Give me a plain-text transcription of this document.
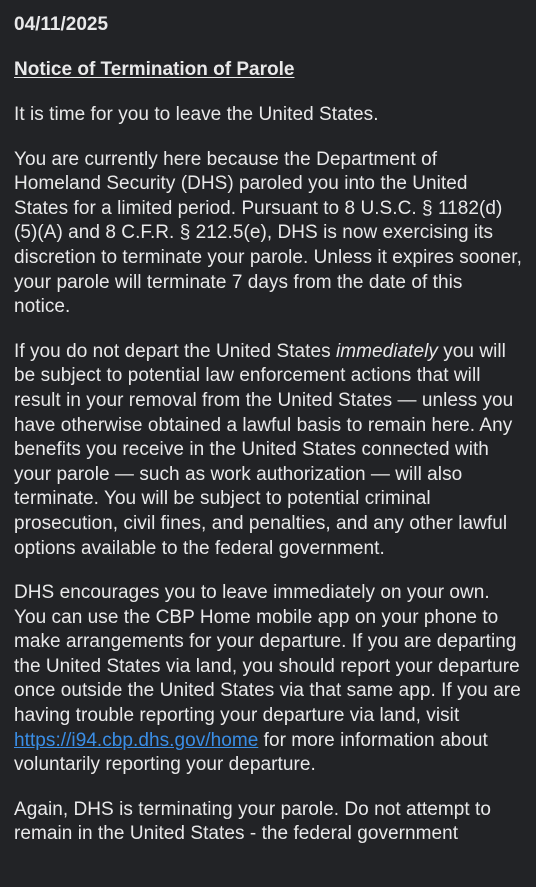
04/11/2025
Notice of Termination of Parole
It is time for you to leave the United States.
You are currently here because the Department of Homeland Security (DHS) paroled you into the United States for a limited period. Pursuant to 8 U.S.C. § 1182(d)(5)(A) and 8 C.F.R. § 212.5(e), DHS is now exercising its discretion to terminate your parole. Unless it expires sooner, your parole will terminate 7 days from the date of this notice.
If you do not depart the United States immediately you will be subject to potential law enforcement actions that will result in your removal from the United States — unless you have otherwise obtained a lawful basis to remain here. Any benefits you receive in the United States connected with your parole — such as work authorization — will also terminate. You will be subject to potential criminal prosecution, civil fines, and penalties, and any other lawful options available to the federal government.
DHS encourages you to leave immediately on your own. You can use the CBP Home mobile app on your phone to make arrangements for your departure. If you are departing the United States via land, you should report your departure once outside the United States via that same app. If you are having trouble reporting your departure via land, visit https://i94.cbp.dhs.gov/home for more information about voluntarily reporting your departure.
Again, DHS is terminating your parole. Do not attempt to remain in the United States - the federal government
